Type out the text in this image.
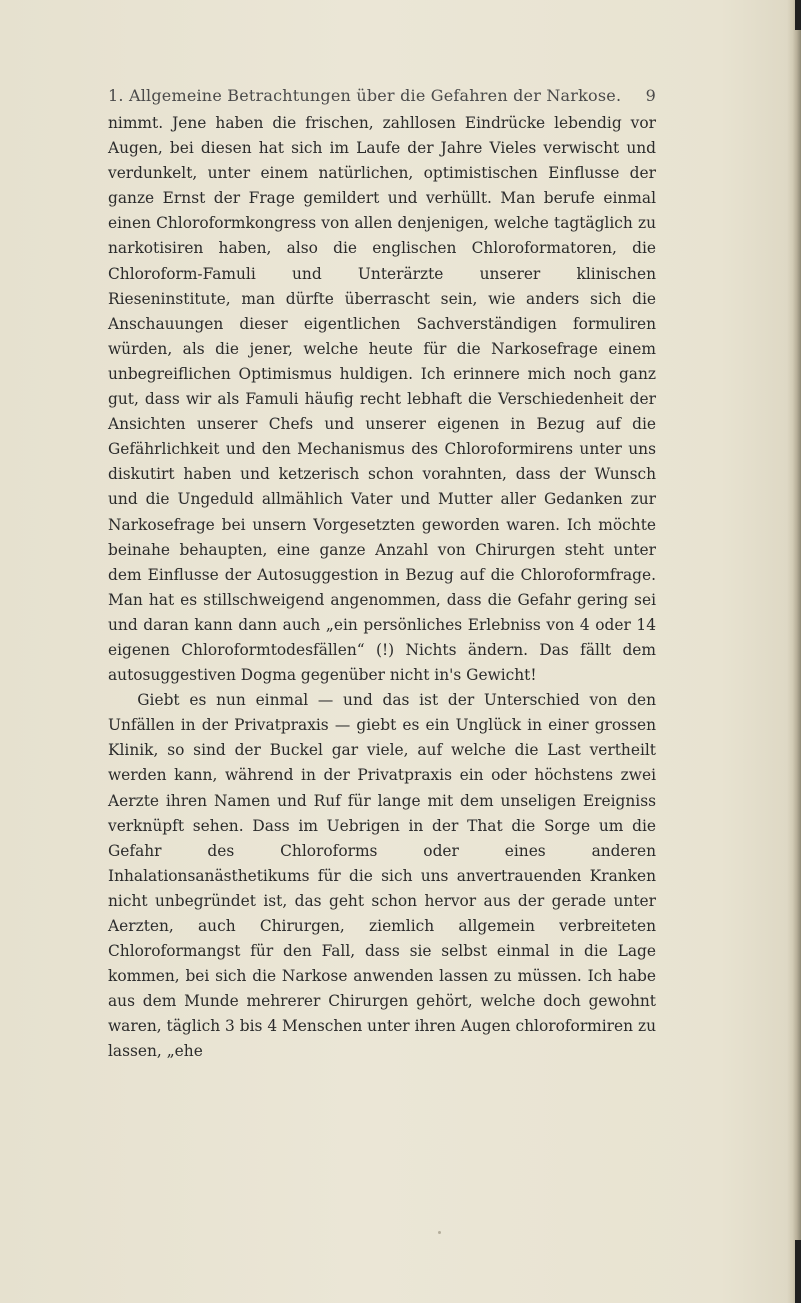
1. Allgemeine Betrachtungen über die Gefahren der Narkose. 9

nimmt. Jene haben die frischen, zahllosen Eindrücke lebendig vor Augen, bei diesen hat sich im Laufe der Jahre Vieles verwischt und verdunkelt, unter einem natürlichen, optimistischen Einflusse der ganze Ernst der Frage gemildert und verhüllt. Man berufe einmal einen Chloroformkongress von allen denjenigen, welche tagtäglich zu narkotisiren haben, also die englischen Chloroformatoren, die Chloroform-Famuli und Unterärzte unserer klinischen Rieseninstitute, man dürfte überrascht sein, wie anders sich die Anschauungen dieser eigentlichen Sachverständigen formuliren würden, als die jener, welche heute für die Narkosefrage einem unbegreiflichen Optimismus huldigen. Ich erinnere mich noch ganz gut, dass wir als Famuli häufig recht lebhaft die Verschiedenheit der Ansichten unserer Chefs und unserer eigenen in Bezug auf die Gefährlichkeit und den Mechanismus des Chloroformirens unter uns diskutirt haben und ketzerisch schon vorahnten, dass der Wunsch und die Ungeduld allmählich Vater und Mutter aller Gedanken zur Narkosefrage bei unsern Vorgesetzten geworden waren. Ich möchte beinahe behaupten, eine ganze Anzahl von Chirurgen steht unter dem Einflusse der Autosuggestion in Bezug auf die Chloroformfrage. Man hat es stillschweigend angenommen, dass die Gefahr gering sei und daran kann dann auch „ein persönliches Erlebniss von 4 oder 14 eigenen Chloroformtodesfällen“ (!) Nichts ändern. Das fällt dem autosuggestiven Dogma gegenüber nicht in's Gewicht!

Giebt es nun einmal — und das ist der Unterschied von den Unfällen in der Privatpraxis — giebt es ein Unglück in einer grossen Klinik, so sind der Buckel gar viele, auf welche die Last vertheilt werden kann, während in der Privatpraxis ein oder höchstens zwei Aerzte ihren Namen und Ruf für lange mit dem unseligen Ereigniss verknüpft sehen. Dass im Uebrigen in der That die Sorge um die Gefahr des Chloroforms oder eines anderen Inhalationsanästhetikums für die sich uns anvertrauenden Kranken nicht unbegründet ist, das geht schon hervor aus der gerade unter Aerzten, auch Chirurgen, ziemlich allgemein verbreiteten Chloroformangst für den Fall, dass sie selbst einmal in die Lage kommen, bei sich die Narkose anwenden lassen zu müssen. Ich habe aus dem Munde mehrerer Chirurgen gehört, welche doch gewohnt waren, täglich 3 bis 4 Menschen unter ihren Augen chloroformiren zu lassen, „ehe
